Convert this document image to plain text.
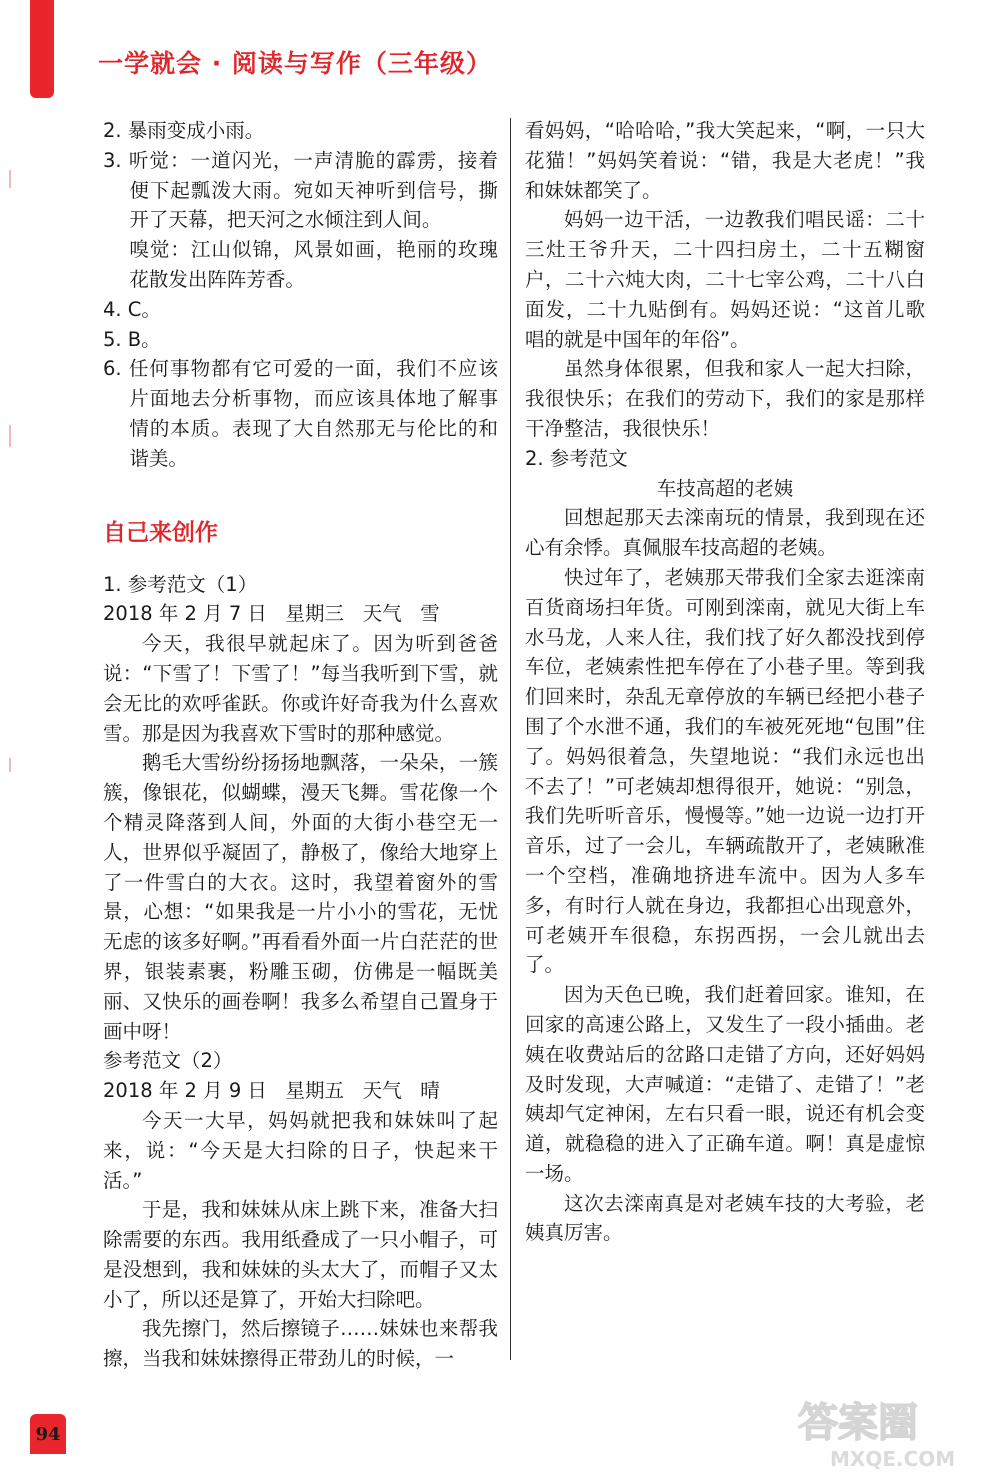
一学就会 · 阅读与写作（三年级）

2. 暴雨变成小雨。

3. 听觉：一道闪光，一声清脆的霹雳，接着便下起瓢泼大雨。宛如天神听到信号，撕开了天幕，把天河之水倾注到人间。

嗅觉：江山似锦，风景如画，艳丽的玫瑰花散发出阵阵芳香。

4. C。

5. B。

6. 任何事物都有它可爱的一面，我们不应该片面地去分析事物，而应该具体地了解事情的本质。表现了大自然那无与伦比的和谐美。

自己来创作

1. 参考范文（1）

2018 年 2 月 7 日   星期三   天气   雪

今天，我很早就起床了。因为听到爸爸说：“下雪了！下雪了！”每当我听到下雪，就会无比的欢呼雀跃。你或许好奇我为什么喜欢雪。那是因为我喜欢下雪时的那种感觉。

鹅毛大雪纷纷扬扬地飘落，一朵朵，一簇簇，像银花，似蝴蝶，漫天飞舞。雪花像一个个精灵降落到人间，外面的大街小巷空无一人，世界似乎凝固了，静极了，像给大地穿上了一件雪白的大衣。这时，我望着窗外的雪景，心想：“如果我是一片小小的雪花，无忧无虑的该多好啊。”再看看外面一片白茫茫的世界，银装素裹，粉雕玉砌，仿佛是一幅既美丽、又快乐的画卷啊！我多么希望自己置身于画中呀！

参考范文（2）

2018 年 2 月 9 日   星期五   天气   晴

今天一大早，妈妈就把我和妹妹叫了起来，说：“今天是大扫除的日子，快起来干活。”

于是，我和妹妹从床上跳下来，准备大扫除需要的东西。我用纸叠成了一只小帽子，可是没想到，我和妹妹的头太大了，而帽子又太小了，所以还是算了，开始大扫除吧。

我先擦门，然后擦镜子……妹妹也来帮我擦，当我和妹妹擦得正带劲儿的时候，一

看妈妈，“哈哈哈，”我大笑起来，“啊，一只大花猫！”妈妈笑着说：“错，我是大老虎！”我和妹妹都笑了。

妈妈一边干活，一边教我们唱民谣：二十三灶王爷升天，二十四扫房土，二十五糊窗户，二十六炖大肉，二十七宰公鸡，二十八白面发，二十九贴倒有。妈妈还说：“这首儿歌唱的就是中国年的年俗”。

虽然身体很累，但我和家人一起大扫除，我很快乐；在我们的劳动下，我们的家是那样干净整洁，我很快乐！

2. 参考范文

车技高超的老姨

回想起那天去滦南玩的情景，我到现在还心有余悸。真佩服车技高超的老姨。

快过年了，老姨那天带我们全家去逛滦南百货商场扫年货。可刚到滦南，就见大街上车水马龙，人来人往，我们找了好久都没找到停车位，老姨索性把车停在了小巷子里。等到我们回来时，杂乱无章停放的车辆已经把小巷子围了个水泄不通，我们的车被死死地“包围”住了。妈妈很着急，失望地说：“我们永远也出不去了！”可老姨却想得很开，她说：“别急，我们先听听音乐，慢慢等。”她一边说一边打开音乐，过了一会儿，车辆疏散开了，老姨瞅准一个空档，准确地挤进车流中。因为人多车多，有时行人就在身边，我都担心出现意外，可老姨开车很稳，东拐西拐，一会儿就出去了。

因为天色已晚，我们赶着回家。谁知，在回家的高速公路上，又发生了一段小插曲。老姨在收费站后的岔路口走错了方向，还好妈妈及时发现，大声喊道：“走错了、走错了！”老姨却气定神闲，左右只看一眼，说还有机会变道，就稳稳的进入了正确车道。啊！真是虚惊一场。

这次去滦南真是对老姨车技的大考验，老姨真厉害。

94	答案圈
MXQE.COM
